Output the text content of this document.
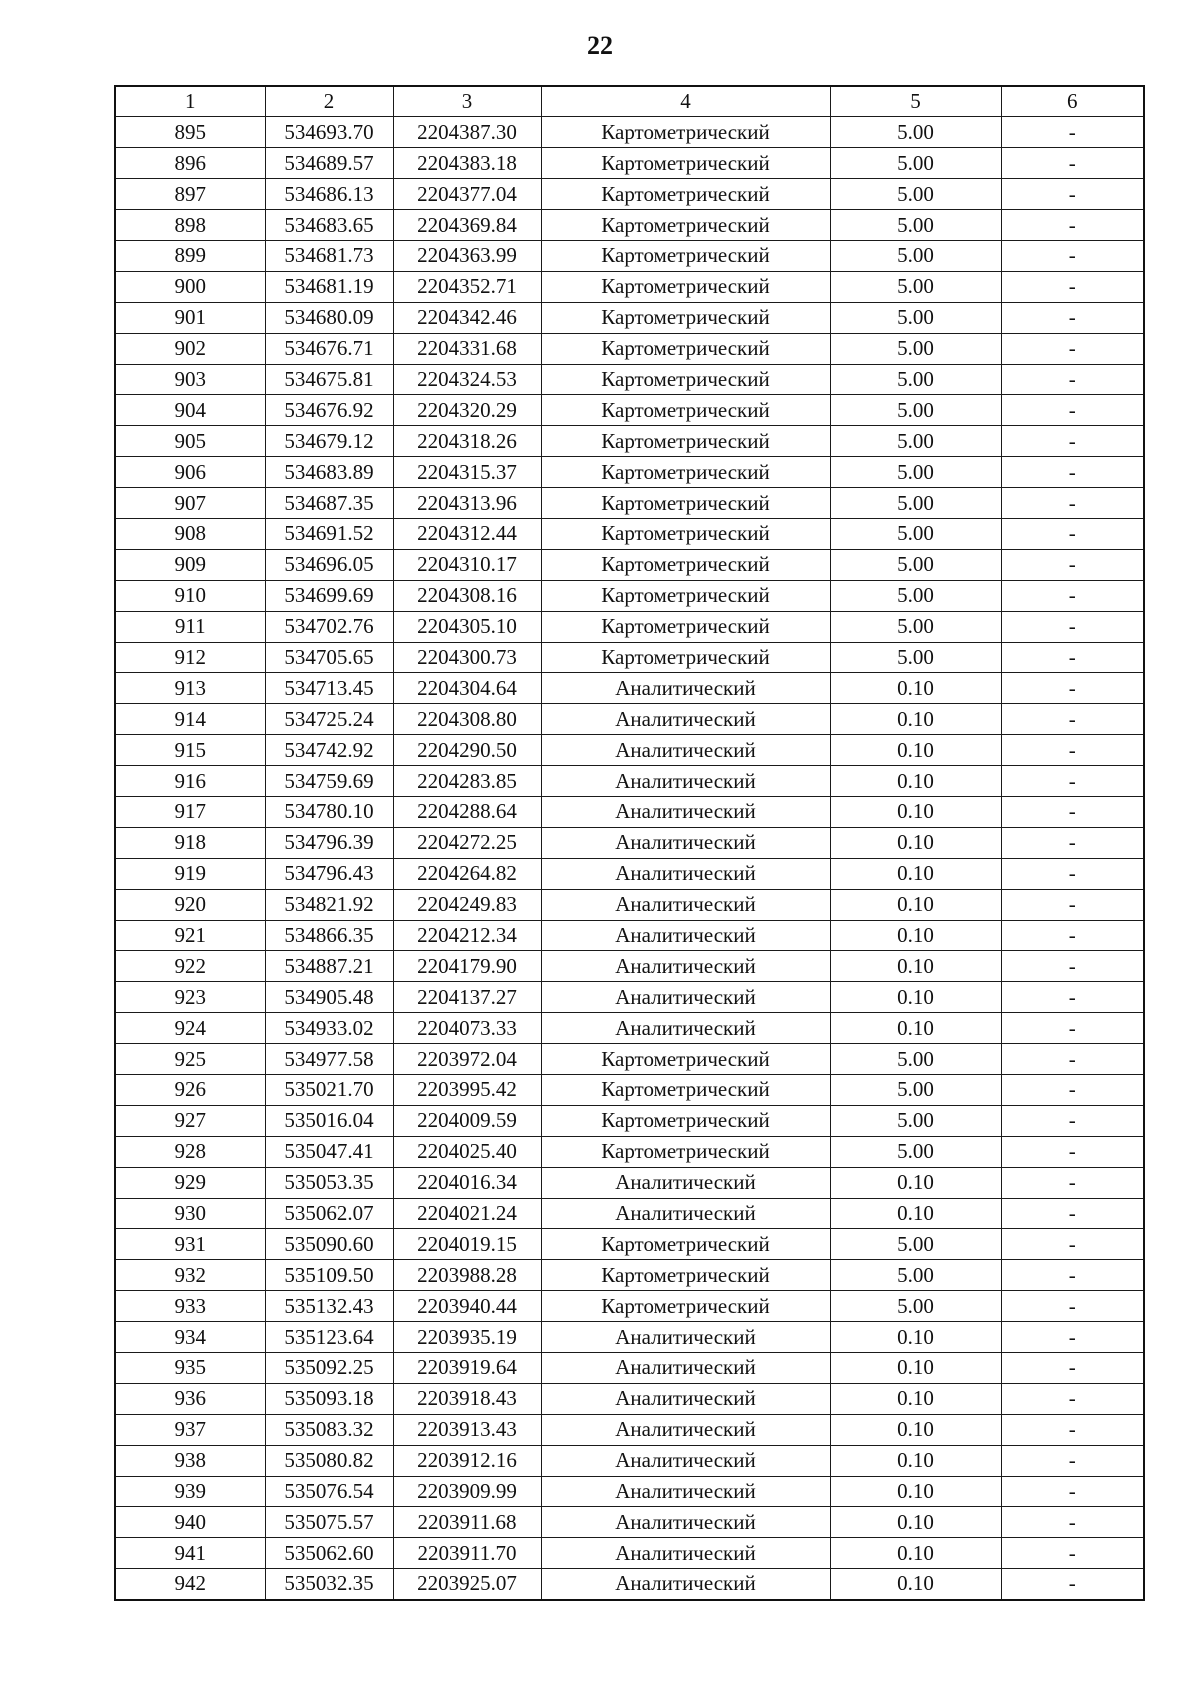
22
1	2	3	4	5	6
895	534693.70	2204387.30	Картометрический	5.00	-
896	534689.57	2204383.18	Картометрический	5.00	-
897	534686.13	2204377.04	Картометрический	5.00	-
898	534683.65	2204369.84	Картометрический	5.00	-
899	534681.73	2204363.99	Картометрический	5.00	-
900	534681.19	2204352.71	Картометрический	5.00	-
901	534680.09	2204342.46	Картометрический	5.00	-
902	534676.71	2204331.68	Картометрический	5.00	-
903	534675.81	2204324.53	Картометрический	5.00	-
904	534676.92	2204320.29	Картометрический	5.00	-
905	534679.12	2204318.26	Картометрический	5.00	-
906	534683.89	2204315.37	Картометрический	5.00	-
907	534687.35	2204313.96	Картометрический	5.00	-
908	534691.52	2204312.44	Картометрический	5.00	-
909	534696.05	2204310.17	Картометрический	5.00	-
910	534699.69	2204308.16	Картометрический	5.00	-
911	534702.76	2204305.10	Картометрический	5.00	-
912	534705.65	2204300.73	Картометрический	5.00	-
913	534713.45	2204304.64	Аналитический	0.10	-
914	534725.24	2204308.80	Аналитический	0.10	-
915	534742.92	2204290.50	Аналитический	0.10	-
916	534759.69	2204283.85	Аналитический	0.10	-
917	534780.10	2204288.64	Аналитический	0.10	-
918	534796.39	2204272.25	Аналитический	0.10	-
919	534796.43	2204264.82	Аналитический	0.10	-
920	534821.92	2204249.83	Аналитический	0.10	-
921	534866.35	2204212.34	Аналитический	0.10	-
922	534887.21	2204179.90	Аналитический	0.10	-
923	534905.48	2204137.27	Аналитический	0.10	-
924	534933.02	2204073.33	Аналитический	0.10	-
925	534977.58	2203972.04	Картометрический	5.00	-
926	535021.70	2203995.42	Картометрический	5.00	-
927	535016.04	2204009.59	Картометрический	5.00	-
928	535047.41	2204025.40	Картометрический	5.00	-
929	535053.35	2204016.34	Аналитический	0.10	-
930	535062.07	2204021.24	Аналитический	0.10	-
931	535090.60	2204019.15	Картометрический	5.00	-
932	535109.50	2203988.28	Картометрический	5.00	-
933	535132.43	2203940.44	Картометрический	5.00	-
934	535123.64	2203935.19	Аналитический	0.10	-
935	535092.25	2203919.64	Аналитический	0.10	-
936	535093.18	2203918.43	Аналитический	0.10	-
937	535083.32	2203913.43	Аналитический	0.10	-
938	535080.82	2203912.16	Аналитический	0.10	-
939	535076.54	2203909.99	Аналитический	0.10	-
940	535075.57	2203911.68	Аналитический	0.10	-
941	535062.60	2203911.70	Аналитический	0.10	-
942	535032.35	2203925.07	Аналитический	0.10	-
